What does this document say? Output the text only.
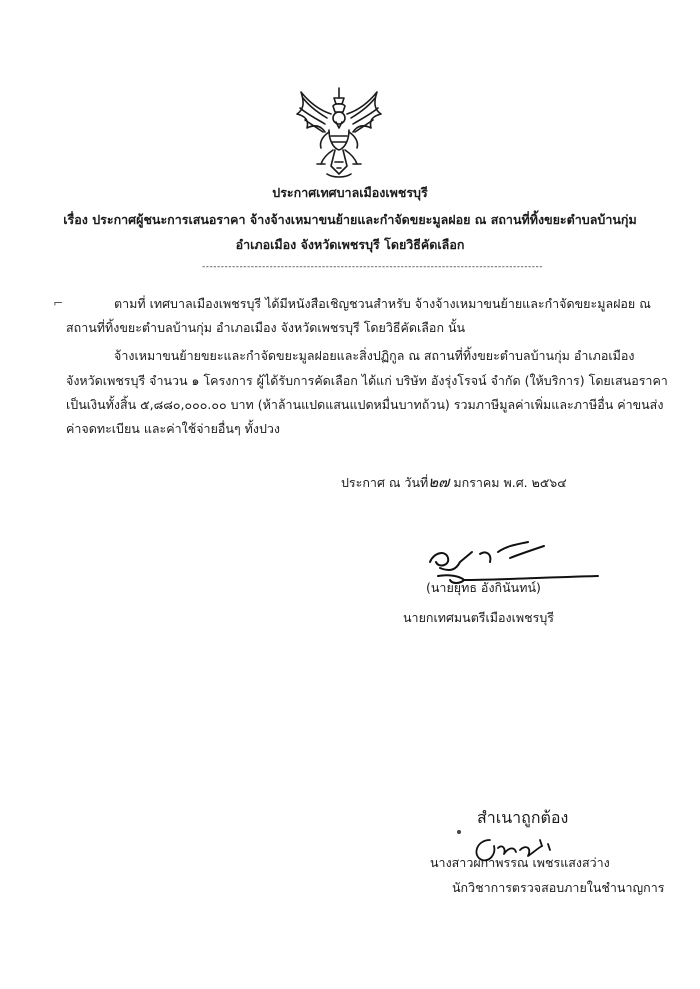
ประกาศเทศบาลเมืองเพชรบุรี
เรื่อง ประกาศผู้ชนะการเสนอราคา จ้างจ้างเหมาขนย้ายและกำจัดขยะมูลฝอย ณ สถานที่ทิ้งขยะตำบลบ้านกุ่ม
อำเภอเมือง จังหวัดเพชรบุรี โดยวิธีคัดเลือก
-------------------------------------------------------------------------------------------
⌐	ตามที่ เทศบาลเมืองเพชรบุรี ได้มีหนังสือเชิญชวนสำหรับ จ้างจ้างเหมาขนย้ายและกำจัดขยะมูลฝอย ณ
สถานที่ทิ้งขยะตำบลบ้านกุ่ม อำเภอเมือง จังหวัดเพชรบุรี โดยวิธีคัดเลือก นั้น
จ้างเหมาขนย้ายขยะและกำจัดขยะมูลฝอยและสิ่งปฏิกูล ณ สถานที่ทิ้งขยะตำบลบ้านกุ่ม อำเภอเมือง
จังหวัดเพชรบุรี จำนวน ๑ โครงการ ผู้ได้รับการคัดเลือก ได้แก่ บริษัท อังรุ่งโรจน์ จำกัด (ให้บริการ) โดยเสนอราคา
เป็นเงินทั้งสิ้น ๕,๘๘๐,๐๐๐.๐๐ บาท (ห้าล้านแปดแสนแปดหมื่นบาทถ้วน) รวมภาษีมูลค่าเพิ่มและภาษีอื่น ค่าขนส่ง
ค่าจดทะเบียน และค่าใช้จ่ายอื่นๆ ทั้งปวง
ประกาศ ณ วันที่๒๗ มกราคม พ.ศ. ๒๕๖๔
(นายยุทธ อังกินันทน์)
นายกเทศมนตรีเมืองเพชรบุรี
สำเนาถูกต้อง
นางสาวผกาพรรณ เพชรแสงสว่าง
นักวิชาการตรวจสอบภายในชำนาญการ
